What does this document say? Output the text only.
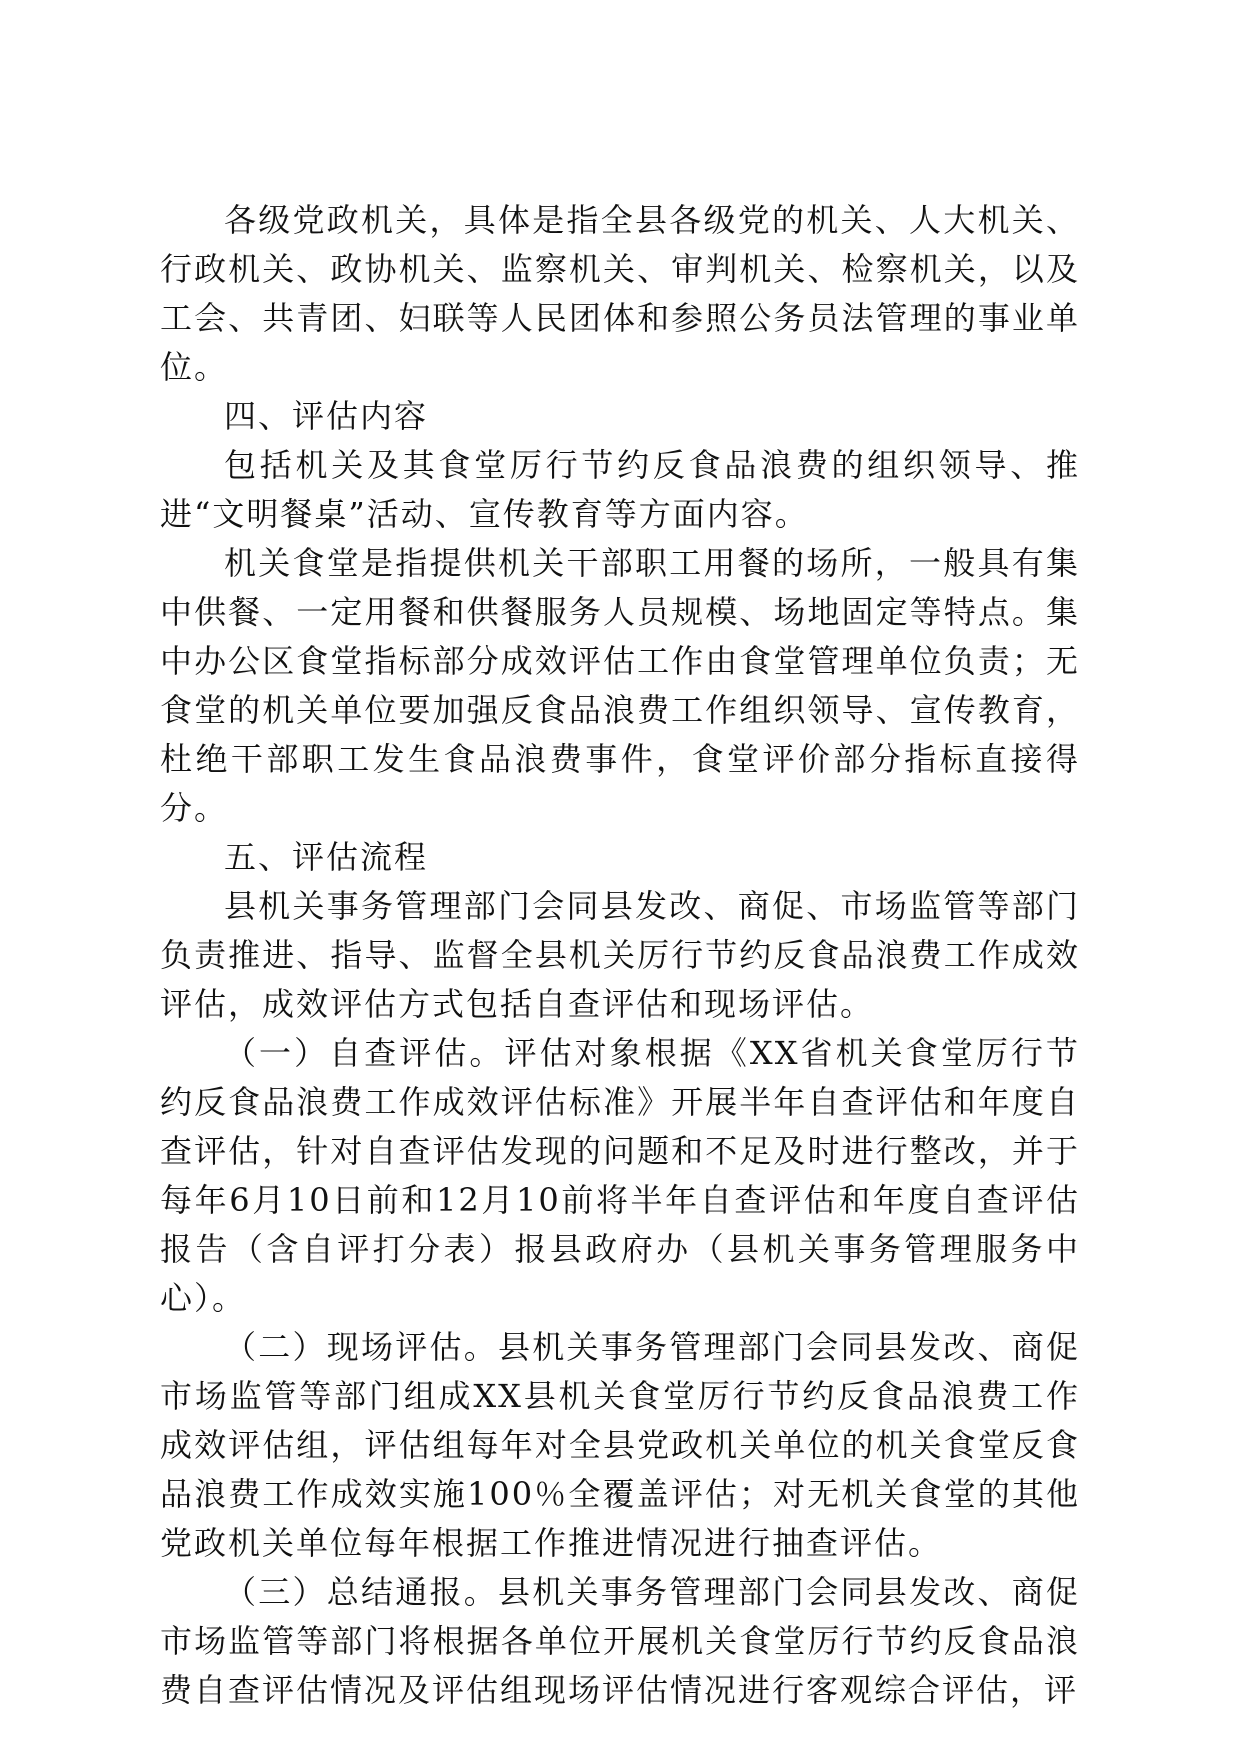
各级党政机关，具体是指全县各级党的机关、人大机关、行政机关、政协机关、监察机关、审判机关、检察机关，以及工会、共青团、妇联等人民团体和参照公务员法管理的事业单位。

四、评估内容

包括机关及其食堂厉行节约反食品浪费的组织领导、推进“文明餐桌”活动、宣传教育等方面内容。

机关食堂是指提供机关干部职工用餐的场所，一般具有集中供餐、一定用餐和供餐服务人员规模、场地固定等特点。集中办公区食堂指标部分成效评估工作由食堂管理单位负责；无食堂的机关单位要加强反食品浪费工作组织领导、宣传教育，杜绝干部职工发生食品浪费事件，食堂评价部分指标直接得分。

五、评估流程

县机关事务管理部门会同县发改、商促、市场监管等部门负责推进、指导、监督全县机关厉行节约反食品浪费工作成效评估，成效评估方式包括自查评估和现场评估。

（一）自查评估。评估对象根据《XX省机关食堂厉行节约反食品浪费工作成效评估标准》开展半年自查评估和年度自查评估，针对自查评估发现的问题和不足及时进行整改，并于每年6月10日前和12月10前将半年自查评估和年度自查评估报告（含自评打分表）报县政府办（县机关事务管理服务中心）。

（二）现场评估。县机关事务管理部门会同县发改、商促市场监管等部门组成XX县机关食堂厉行节约反食品浪费工作成效评估组，评估组每年对全县党政机关单位的机关食堂反食品浪费工作成效实施100％全覆盖评估；对无机关食堂的其他党政机关单位每年根据工作推进情况进行抽查评估。

（三）总结通报。县机关事务管理部门会同县发改、商促市场监管等部门将根据各单位开展机关食堂厉行节约反食品浪费自查评估情况及评估组现场评估情况进行客观综合评估，评
